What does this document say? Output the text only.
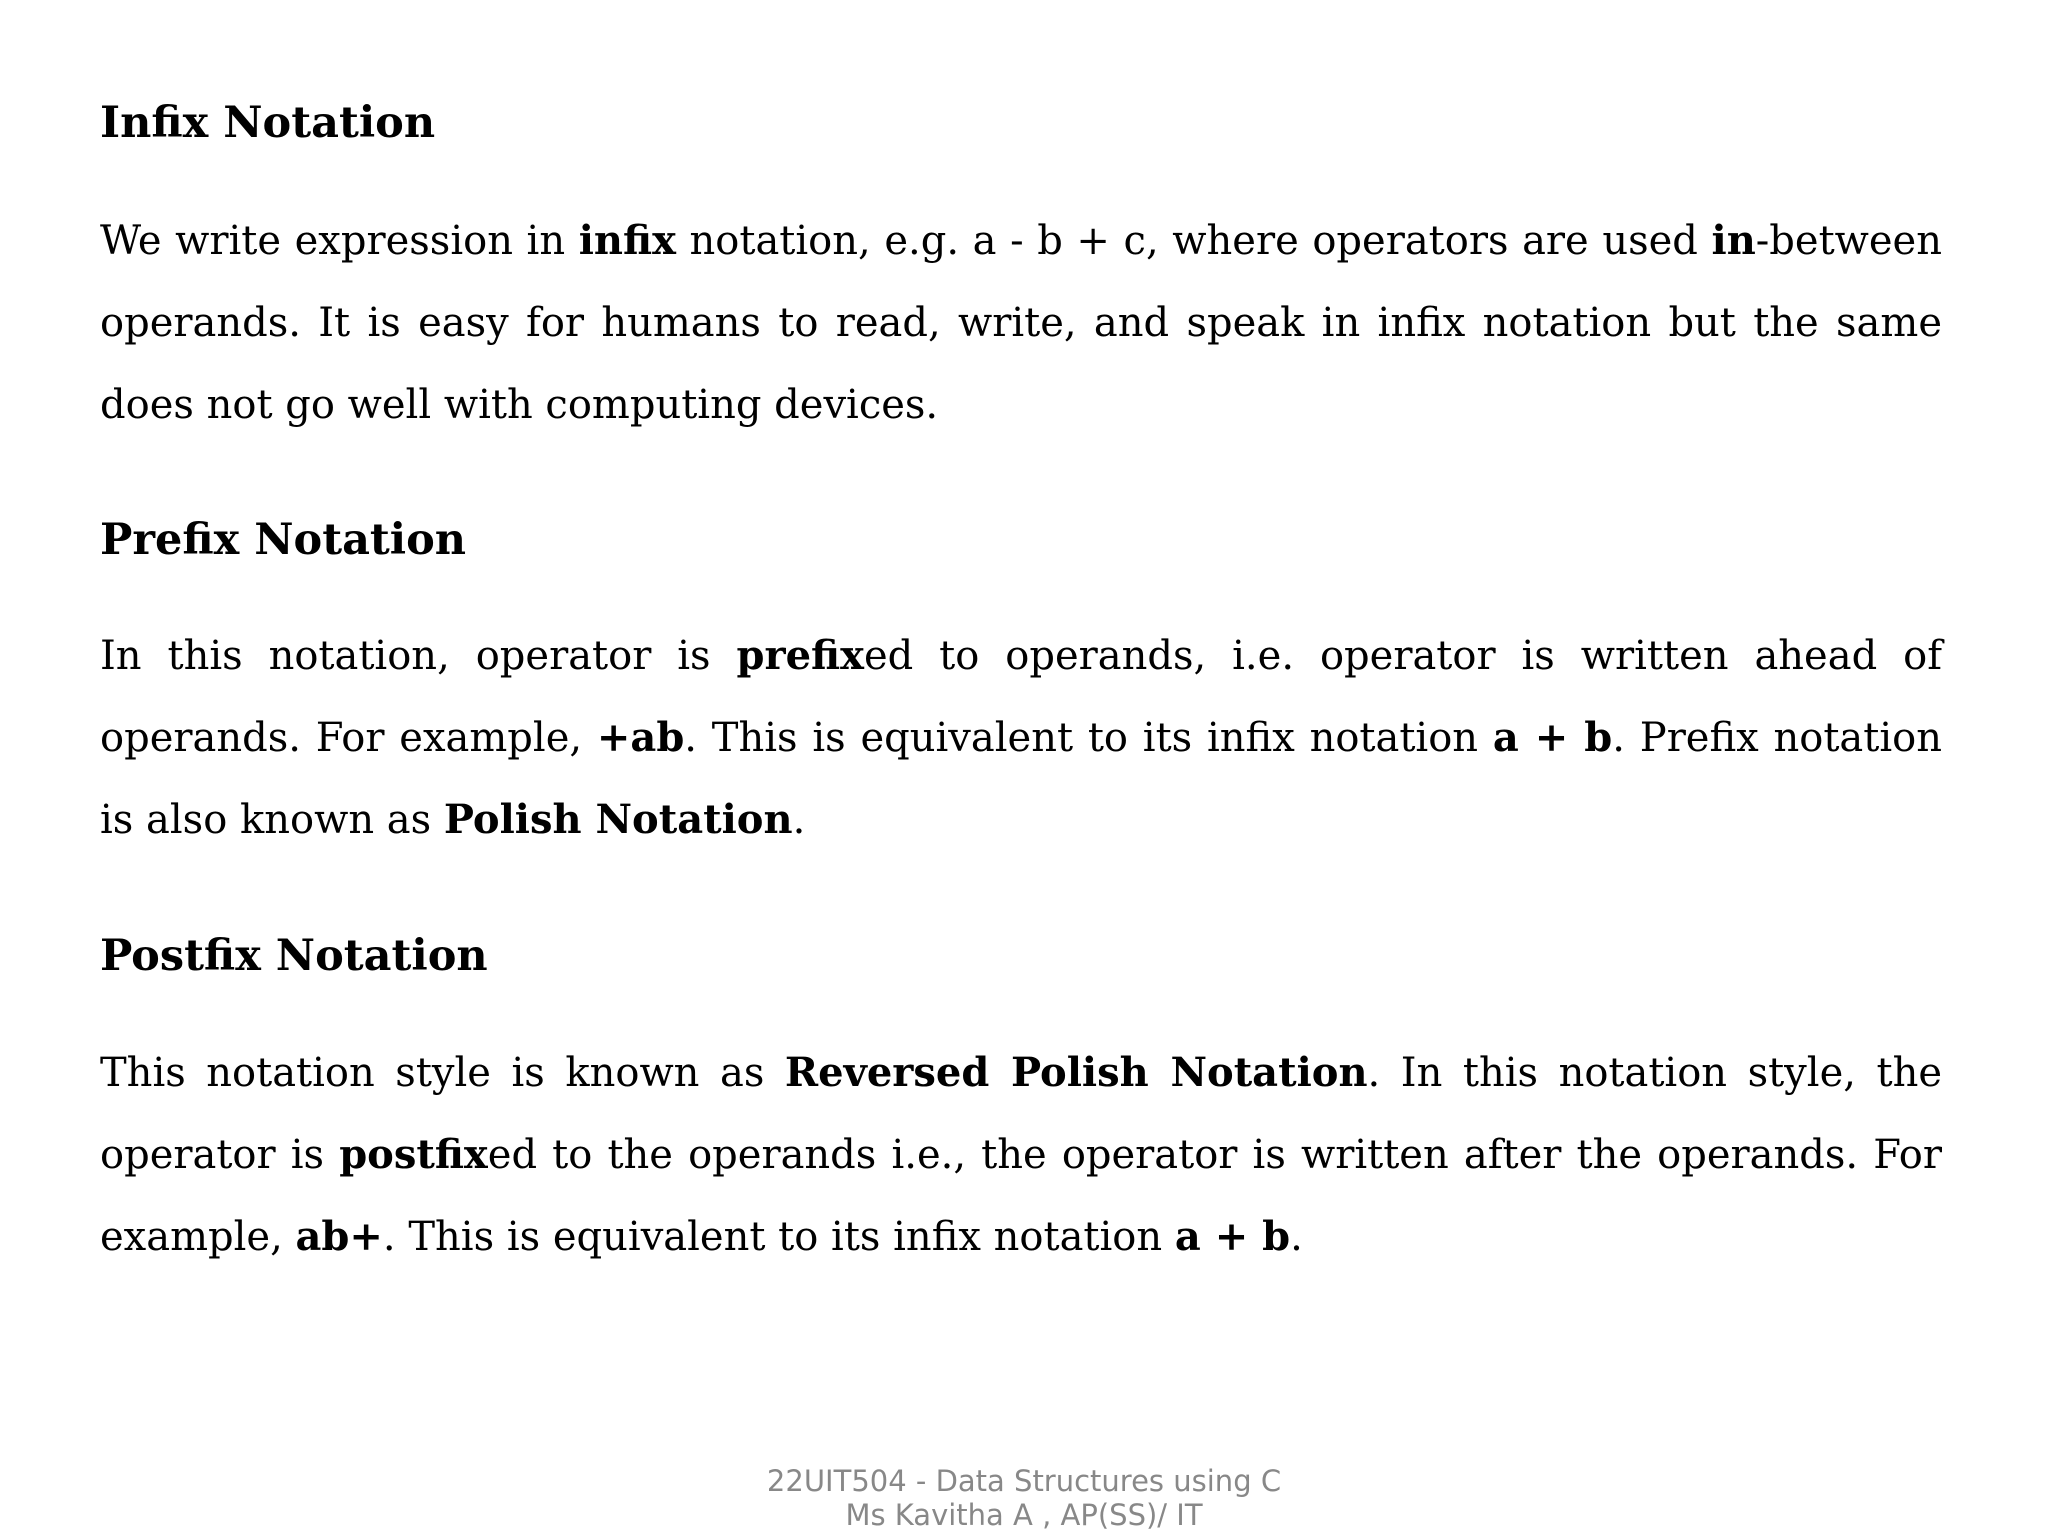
Infix Notation

We write expression in infix notation, e.g. a - b + c, where operators are used in-between operands. It is easy for humans to read, write, and speak in infix notation but the same does not go well with computing devices.

Prefix Notation

In this notation, operator is prefixed to operands, i.e. operator is written ahead of operands. For example, +ab. This is equivalent to its infix notation a + b. Prefix notation is also known as Polish Notation.

Postfix Notation

This notation style is known as Reversed Polish Notation. In this notation style, the operator is postfixed to the operands i.e., the operator is written after the operands. For example, ab+. This is equivalent to its infix notation a + b.

22UIT504 - Data Structures using C
Ms Kavitha A , AP(SS)/ IT
